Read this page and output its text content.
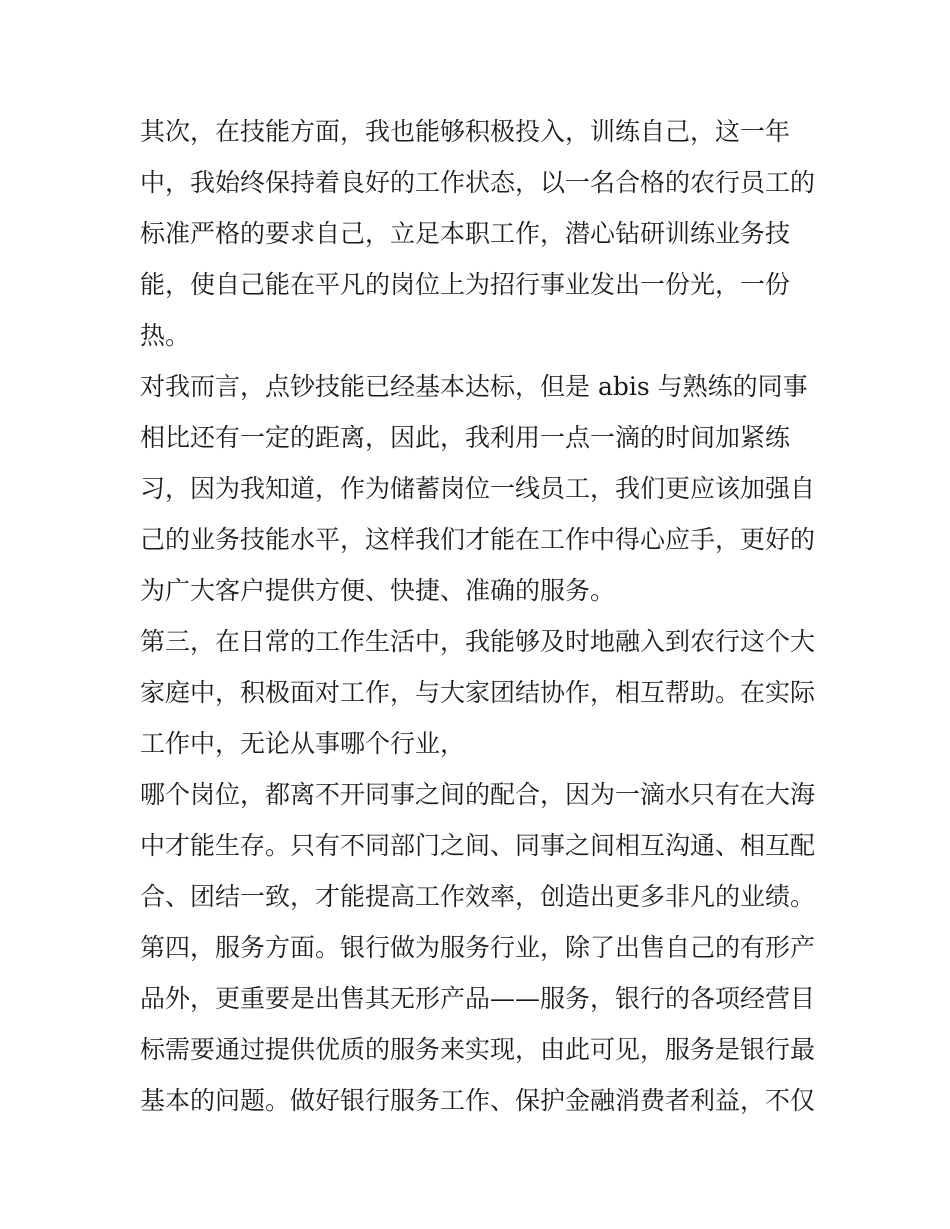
其次，在技能方面，我也能够积极投入，训练自己，这一年
中，我始终保持着良好的工作状态，以一名合格的农行员工的
标准严格的要求自己，立足本职工作，潜心钻研训练业务技
能，使自己能在平凡的岗位上为招行事业发出一份光，一份
热。
对我而言，点钞技能已经基本达标，但是 abis 与熟练的同事
相比还有一定的距离，因此，我利用一点一滴的时间加紧练
习，因为我知道，作为储蓄岗位一线员工，我们更应该加强自
己的业务技能水平，这样我们才能在工作中得心应手，更好的
为广大客户提供方便、快捷、准确的服务。
第三，在日常的工作生活中，我能够及时地融入到农行这个大
家庭中，积极面对工作，与大家团结协作，相互帮助。在实际
工作中，无论从事哪个行业，
哪个岗位，都离不开同事之间的配合，因为一滴水只有在大海
中才能生存。只有不同部门之间、同事之间相互沟通、相互配
合、团结一致，才能提高工作效率，创造出更多非凡的业绩。
第四，服务方面。银行做为服务行业，除了出售自己的有形产
品外，更重要是出售其无形产品——服务，银行的各项经营目
标需要通过提供优质的服务来实现，由此可见，服务是银行最
基本的问题。做好银行服务工作、保护金融消费者利益，不仅
